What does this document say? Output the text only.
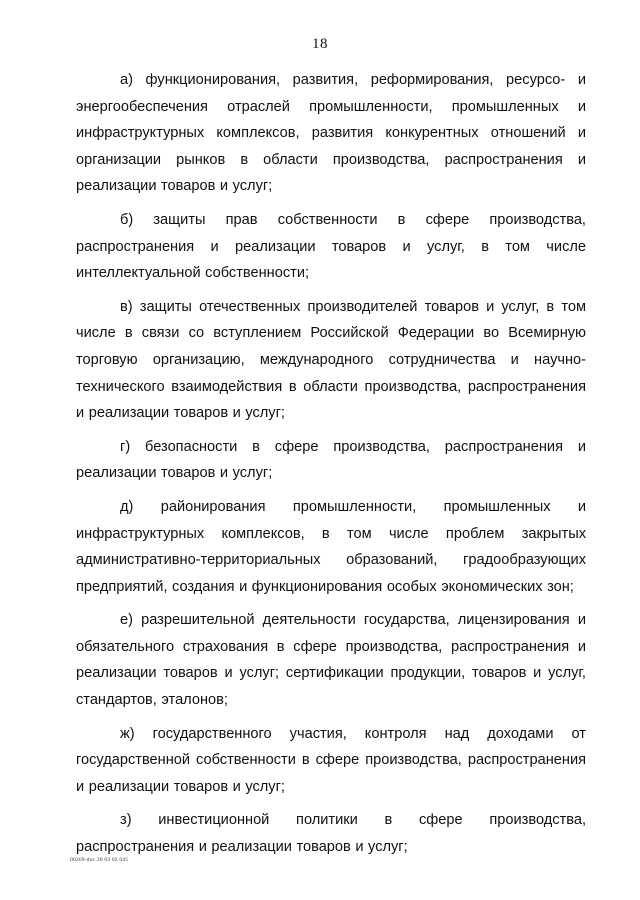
18
а) функционирования, развития, реформирования, ресурсо- и энергообеспечения отраслей промышленности, промышленных и инфраструктурных комплексов, развития конкурентных отношений и организации рынков в области производства, распространения и реализации товаров и услуг;
б) защиты прав собственности в сфере производства, распространения и реализации товаров и услуг, в том числе интеллектуальной собственности;
в) защиты отечественных производителей товаров и услуг, в том числе в связи со вступлением Российской Федерации во Всемирную торговую организацию, международного сотрудничества и научно-технического взаимодействия в области производства, распространения и реализации товаров и услуг;
г) безопасности в сфере производства, распространения и реализации товаров и услуг;
д) районирования промышленности, промышленных и инфраструктурных комплексов, в том числе проблем закрытых административно-территориальных образований, градообразующих предприятий, создания и функционирования особых экономических зон;
е) разрешительной деятельности государства, лицензирования и обязательного страхования в сфере производства, распространения и реализации товаров и услуг; сертификации продукции, товаров и услуг, стандартов, эталонов;
ж) государственного участия, контроля над доходами от государственной собственности в сфере производства, распространения и реализации товаров и услуг;
з) инвестиционной политики в сфере производства, распространения и реализации товаров и услуг;
00269-doc 28 03 02 045
